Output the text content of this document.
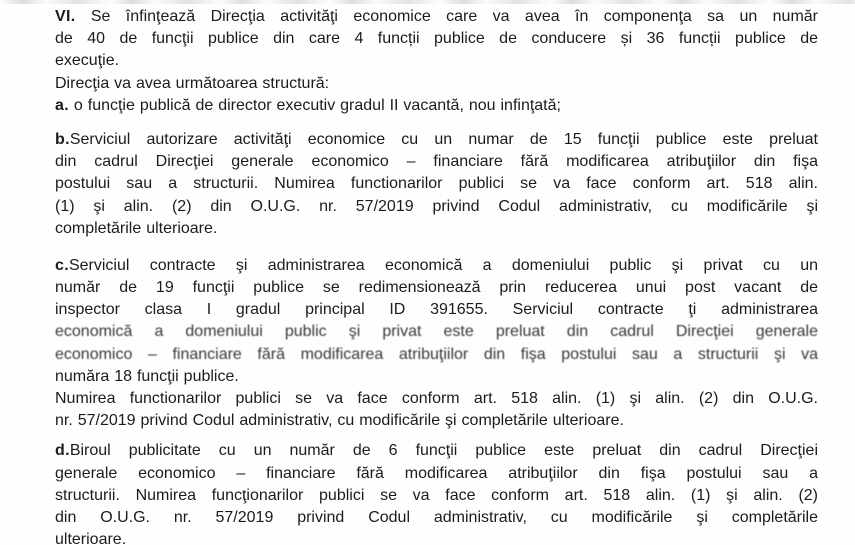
VI. Se înfinţează Direcţia activităţi economice care va avea în componenţa sa un număr
de 40 de funcţii publice din care 4 funcții publice de conducere și 36 funcții publice de
execuţie.
Direcţia va avea următoarea structură:
a. o funcţie publică de director executiv gradul II vacantă, nou infinţată;
b.Serviciul autorizare activităţi economice cu un numar de 15 funcţii publice este preluat
din cadrul Direcţiei generale economico – financiare fără modificarea atribuţiilor din fişa
postului sau a structurii. Numirea functionarilor publici se va face conform art. 518 alin.
(1) şi alin. (2) din O.U.G. nr. 57/2019 privind Codul administrativ, cu modificările şi
completările ulterioare.
c.Serviciul contracte şi administrarea economică a domeniului public şi privat cu un
număr de 19 funcţii publice se redimensionează prin reducerea unui post vacant de
inspector clasa I gradul principal ID 391655. Serviciul contracte ţi administrarea
economică a domeniului public şi privat este preluat din cadrul Direcţiei generale
economico – financiare fără modificarea atribuţiilor din fişa postului sau a structurii şi va
număra 18 funcţii publice.
Numirea functionarilor publici se va face conform art. 518 alin. (1) şi alin. (2) din O.U.G.
nr. 57/2019 privind Codul administrativ, cu modificările şi completările ulterioare.
d.Biroul publicitate cu un număr de 6 funcţii publice este preluat din cadrul Direcţiei
generale economico – financiare fără modificarea atribuţiilor din fişa postului sau a
structurii. Numirea funcţionarilor publici se va face conform art. 518 alin. (1) şi alin. (2)
din O.U.G. nr. 57/2019 privind Codul administrativ, cu modificările şi completările
ulterioare.
